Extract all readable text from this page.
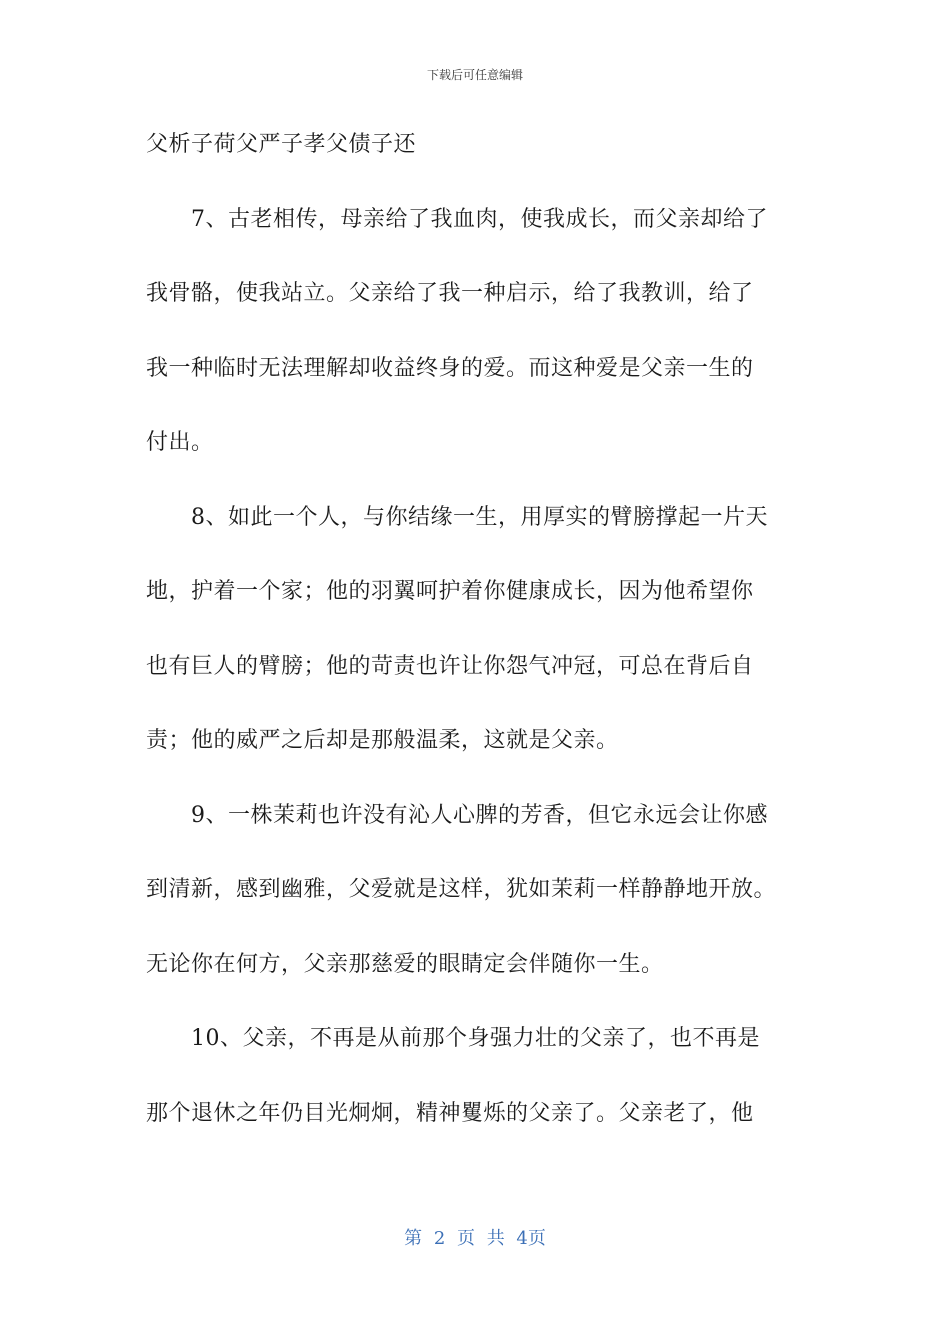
下载后可任意编辑
父析子荷父严子孝父债子还
7、古老相传，母亲给了我血肉，使我成长，而父亲却给了
我骨骼，使我站立。父亲给了我一种启示，给了我教训，给了
我一种临时无法理解却收益终身的爱。而这种爱是父亲一生的
付出。
8、如此一个人，与你结缘一生，用厚实的臂膀撑起一片天
地，护着一个家；他的羽翼呵护着你健康成长，因为他希望你
也有巨人的臂膀；他的苛责也许让你怨气冲冠，可总在背后自
责；他的威严之后却是那般温柔，这就是父亲。
9、一株茉莉也许没有沁人心脾的芳香，但它永远会让你感
到清新，感到幽雅，父爱就是这样，犹如茉莉一样静静地开放。
无论你在何方，父亲那慈爱的眼睛定会伴随你一生。
10、父亲，不再是从前那个身强力壮的父亲了，也不再是
那个退休之年仍目光炯炯，精神矍烁的父亲了。父亲老了，他
第 2 页 共 4页
